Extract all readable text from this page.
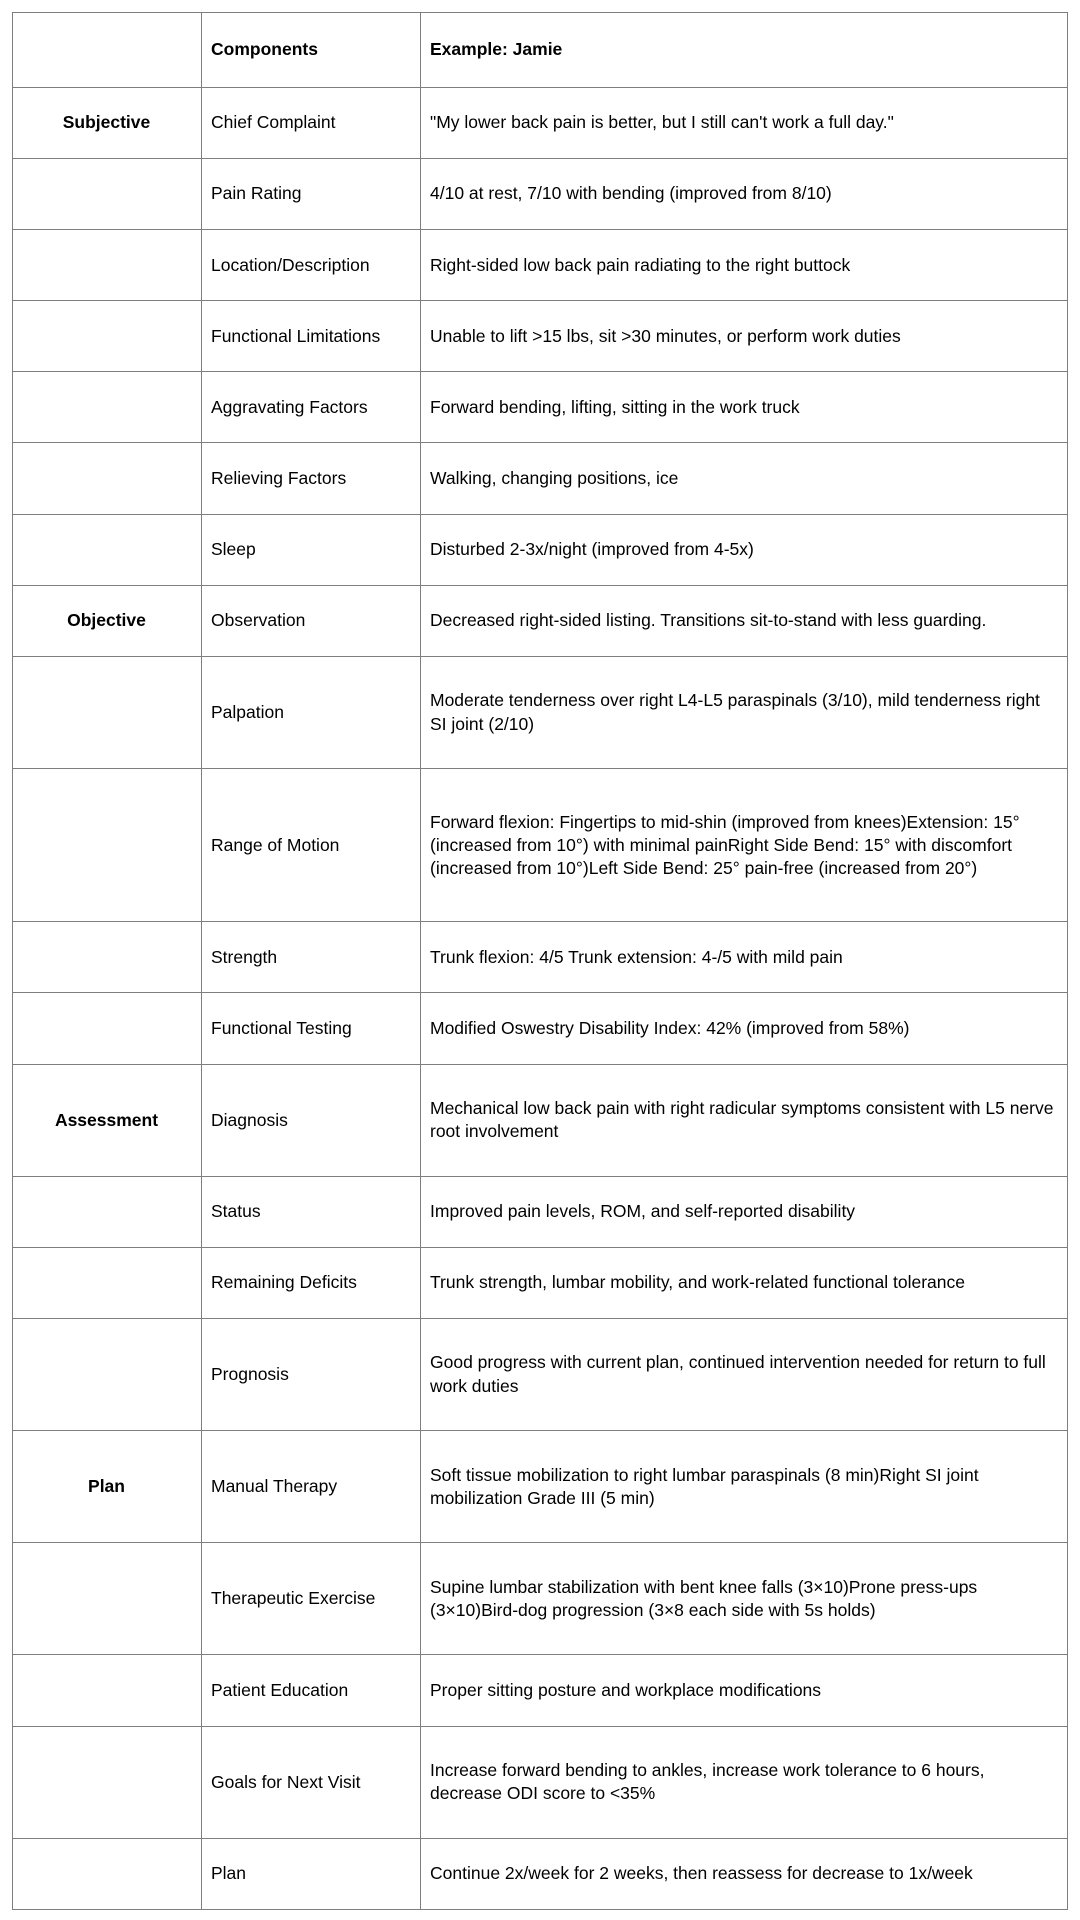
	Components	Example: Jamie
Subjective	Chief Complaint	"My lower back pain is better, but I still can't work a full day."
	Pain Rating	4/10 at rest, 7/10 with bending (improved from 8/10)
	Location/Description	Right-sided low back pain radiating to the right buttock
	Functional Limitations	Unable to lift >15 lbs, sit >30 minutes, or perform work duties
	Aggravating Factors	Forward bending, lifting, sitting in the work truck
	Relieving Factors	Walking, changing positions, ice
	Sleep	Disturbed 2-3x/night (improved from 4-5x)
Objective	Observation	Decreased right-sided listing. Transitions sit-to-stand with less guarding.
	Palpation	Moderate tenderness over right L4-L5 paraspinals (3/10), mild tenderness right SI joint (2/10)
	Range of Motion	Forward flexion: Fingertips to mid-shin (improved from knees)Extension: 15° (increased from 10°) with minimal painRight Side Bend: 15° with discomfort (increased from 10°)Left Side Bend: 25° pain-free (increased from 20°)
	Strength	Trunk flexion: 4/5 Trunk extension: 4-/5 with mild pain
	Functional Testing	Modified Oswestry Disability Index: 42% (improved from 58%)
Assessment	Diagnosis	Mechanical low back pain with right radicular symptoms consistent with L5 nerve root involvement
	Status	Improved pain levels, ROM, and self-reported disability
	Remaining Deficits	Trunk strength, lumbar mobility, and work-related functional tolerance
	Prognosis	Good progress with current plan, continued intervention needed for return to full work duties
Plan	Manual Therapy	Soft tissue mobilization to right lumbar paraspinals (8 min)Right SI joint mobilization Grade III (5 min)
	Therapeutic Exercise	Supine lumbar stabilization with bent knee falls (3×10)Prone press-ups (3×10)Bird-dog progression (3×8 each side with 5s holds)
	Patient Education	Proper sitting posture and workplace modifications
	Goals for Next Visit	Increase forward bending to ankles, increase work tolerance to 6 hours, decrease ODI score to <35%
	Plan	Continue 2x/week for 2 weeks, then reassess for decrease to 1x/week
